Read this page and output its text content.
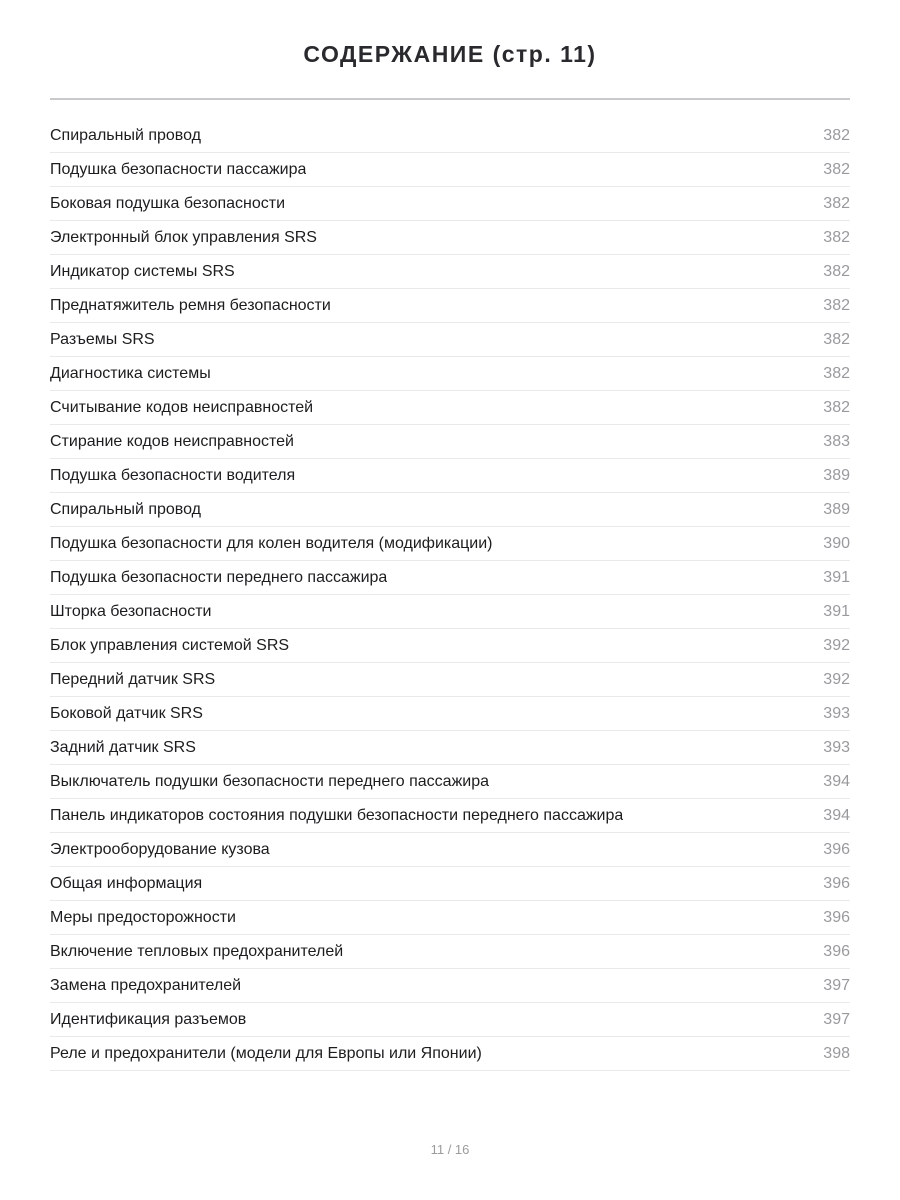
СОДЕРЖАНИЕ (стр. 11)
Спиральный провод	382
Подушка безопасности пассажира	382
Боковая подушка безопасности	382
Электронный блок управления SRS	382
Индикатор системы SRS	382
Преднатяжитель ремня безопасности	382
Разъемы SRS	382
Диагностика системы	382
Считывание кодов неисправностей	382
Стирание кодов неисправностей	383
Подушка безопасности водителя	389
Спиральный провод	389
Подушка безопасности для колен водителя (модификации)	390
Подушка безопасности переднего пассажира	391
Шторка безопасности	391
Блок управления системой SRS	392
Передний датчик SRS	392
Боковой датчик SRS	393
Задний датчик SRS	393
Выключатель подушки безопасности переднего пассажира	394
Панель индикаторов состояния подушки безопасности переднего пассажира	394
Электрооборудование кузова	396
Общая информация	396
Меры предосторожности	396
Включение тепловых предохранителей	396
Замена предохранителей	397
Идентификация разъемов	397
Реле и предохранители (модели для Европы или Японии)	398
11 / 16
